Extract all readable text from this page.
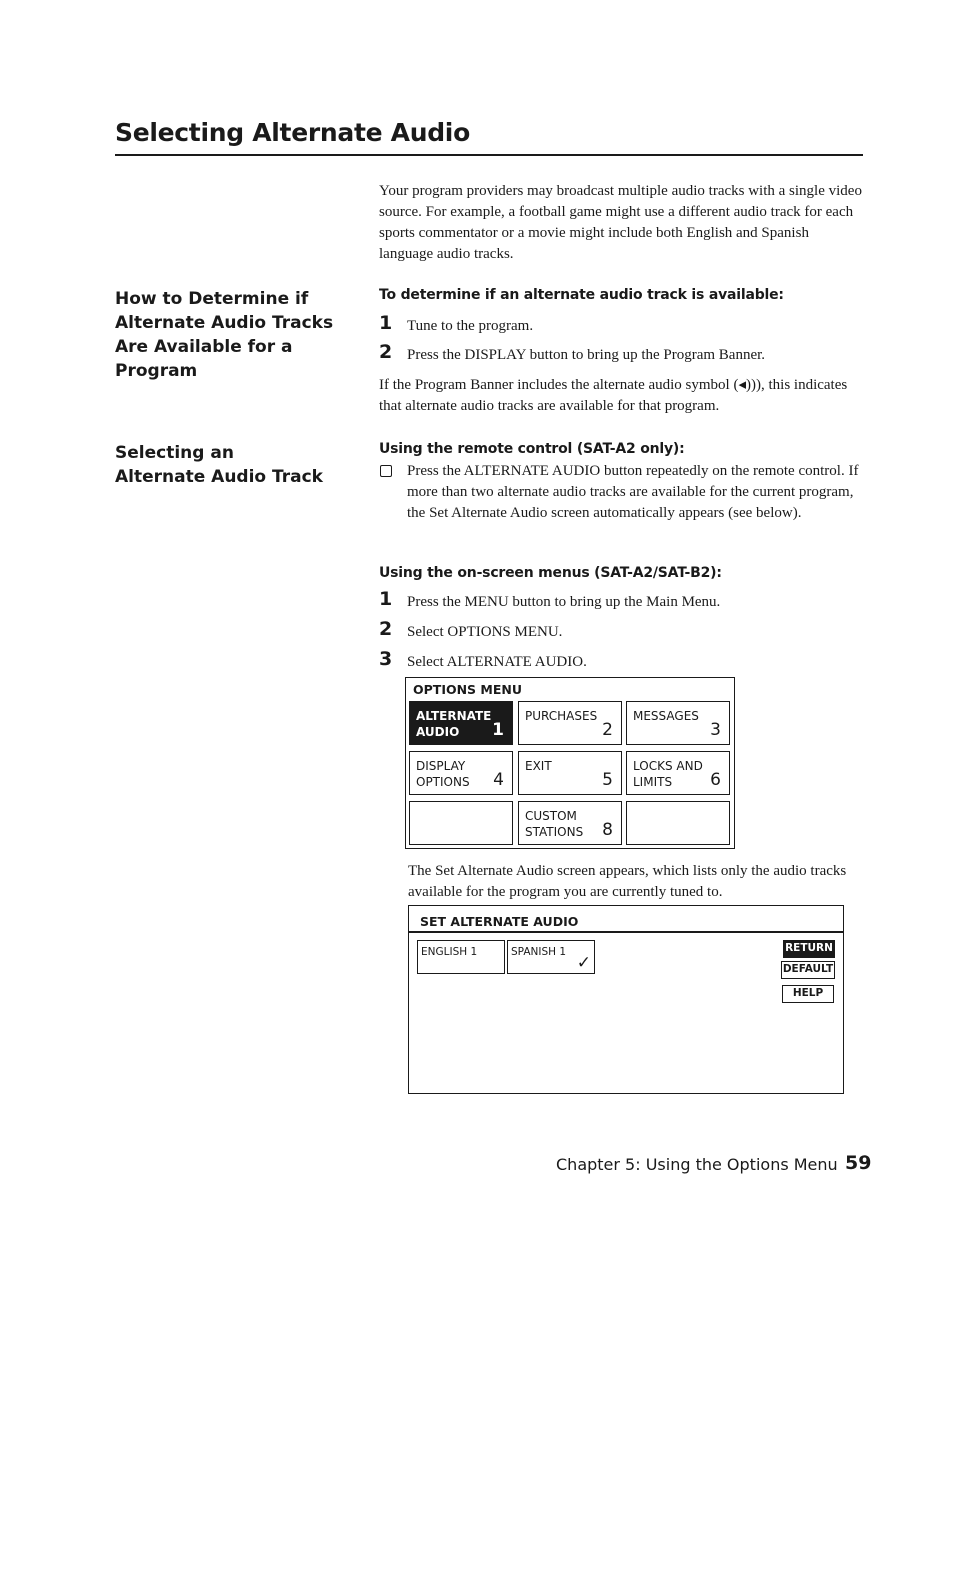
Selecting Alternate Audio
Your program providers may broadcast multiple audio tracks with a single video source. For example, a football game might use a different audio track for each sports commentator or a movie might include both English and Spanish language audio tracks.
How to Determine if Alternate Audio Tracks Are Available for a Program
To determine if an alternate audio track is available:
1 Tune to the program.
2 Press the DISPLAY button to bring up the Program Banner.
If the Program Banner includes the alternate audio symbol (◂))), this indicates that alternate audio tracks are available for that program.
Selecting an Alternate Audio Track
Using the remote control (SAT-A2 only):
Press the ALTERNATE AUDIO button repeatedly on the remote control. If more than two alternate audio tracks are available for the current program, the Set Alternate Audio screen automatically appears (see below).
Using the on-screen menus (SAT-A2/SAT-B2):
1 Press the MENU button to bring up the Main Menu.
2 Select OPTIONS MENU.
3 Select ALTERNATE AUDIO.
OPTIONS MENU
ALTERNATE
AUDIO	1
PURCHASES
2
MESSAGES
3
DISPLAY
OPTIONS	4
EXIT
5
LOCKS AND
LIMITS	6
CUSTOM
STATIONS	8
The Set Alternate Audio screen appears, which lists only the audio tracks available for the program you are currently tuned to.
SET ALTERNATE AUDIO
ENGLISH 1	SPANISH 1
✓
RETURN
DEFAULT
HELP
Chapter 5: Using the Options Menu 59
